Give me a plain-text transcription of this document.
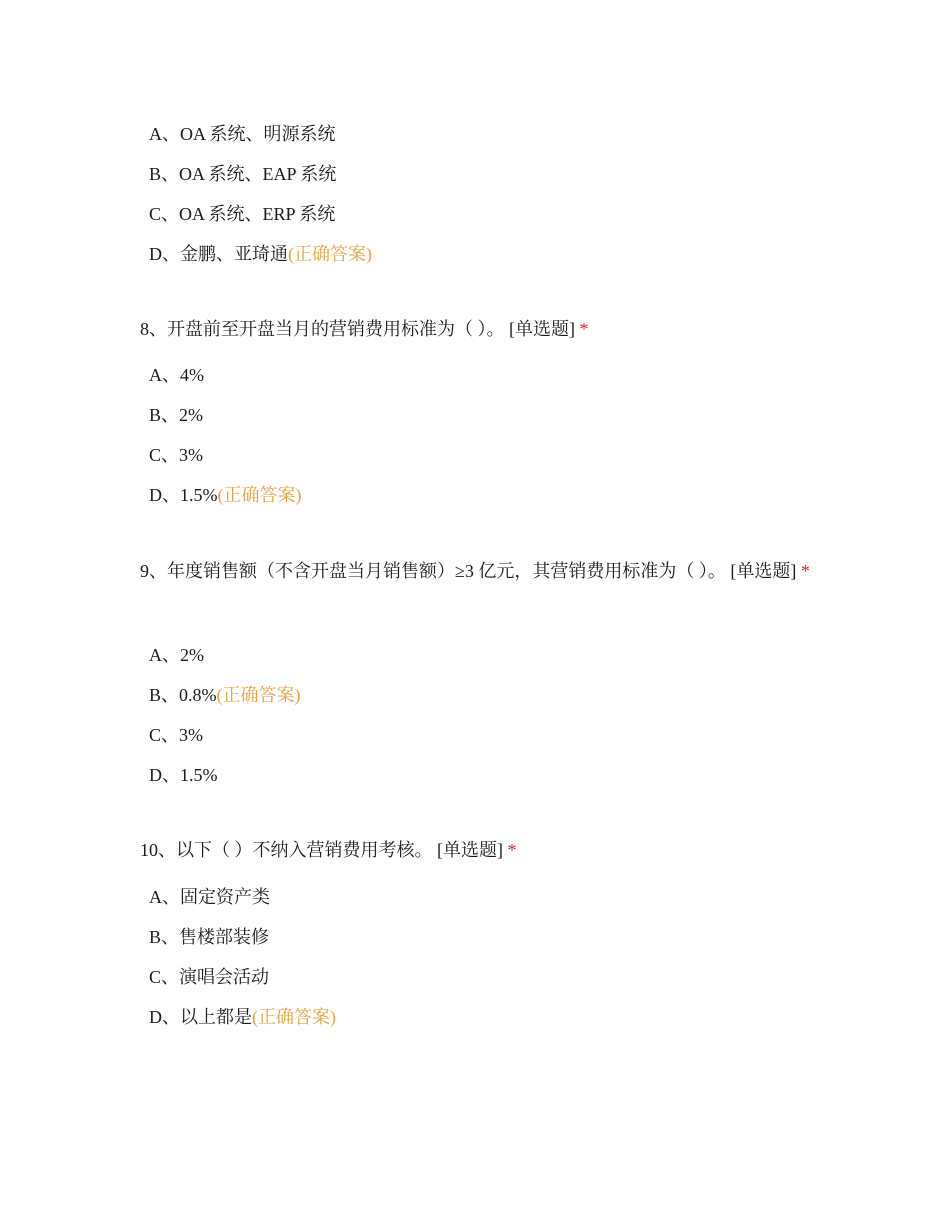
A、OA 系统、明源系统
B、OA 系统、EAP 系统
C、OA 系统、ERP 系统
D、金鹏、亚琦通(正确答案)
8、开盘前至开盘当月的营销费用标准为（ ）。 [单选题] *
A、4%
B、2%
C、3%
D、1.5%(正确答案)
9、年度销售额（不含开盘当月销售额）≥3 亿元，其营销费用标准为（ ）。 [单选题] *
A、2%
B、0.8%(正确答案)
C、3%
D、1.5%
10、以下（ ）不纳入营销费用考核。 [单选题] *
A、固定资产类
B、售楼部装修
C、演唱会活动
D、以上都是(正确答案)
